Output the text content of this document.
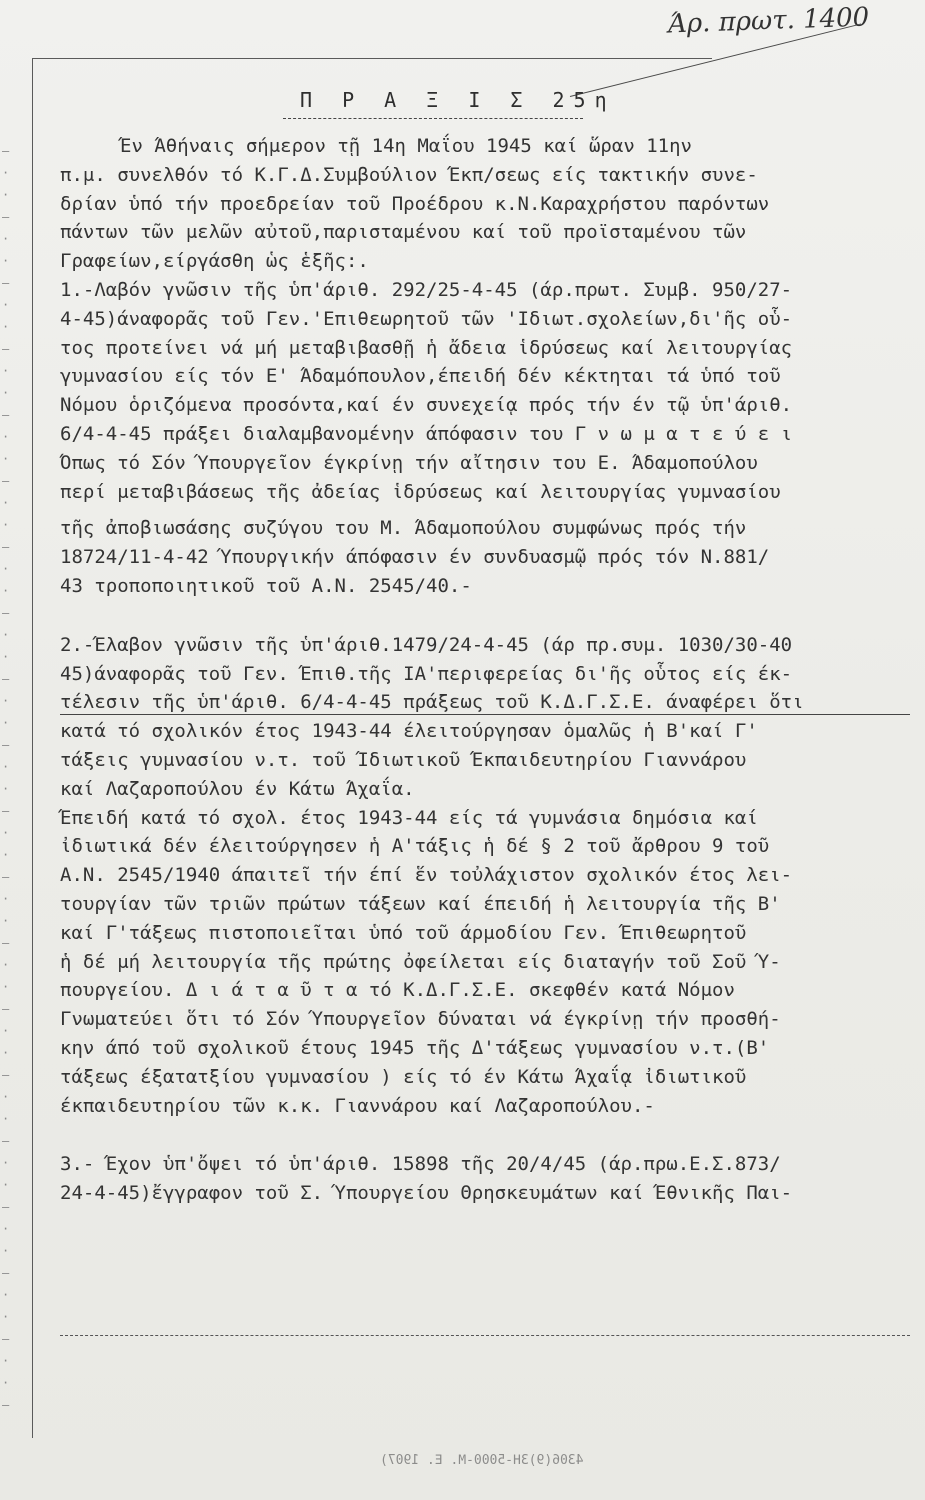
—
·
·
—
·
·
—
·
·
—
·
·
—
·
·
—
·
·
—
·
·
—
·
·
—
·
·
—
·
·
—
·
·
—
·
·
—
·
·
—
·
·
—
·
·
—
·
·
—
·
·
—
·
·
—
·
·
—

Άρ. πρωτ. 1400
Π Ρ Α Ξ Ι Σ 25η
Έν Άθήναις σήμερον τῇ 14η Μαΐου 1945 καί ὥραν 11ην
π.μ. συνελθόν τό Κ.Γ.Δ.Συμβούλιον Έκπ/σεως είς τακτικήν συνε-
δρίαν ὑπό τήν προεδρείαν τοῦ Προέδρου κ.Ν.Καραχρήστου παρόντων
πάντων τῶν μελῶν αὐτοῦ,παρισταμένου καί τοῦ προϊσταμένου τῶν
Γραφείων,είργάσθη ὡς ἑξῆς:.
1.-Λαβόν γνῶσιν τῆς ὑπ'άριθ. 292/25-4-45 (άρ.πρωτ. Συμβ. 950/27-
4-45)άναφορᾶς τοῦ Γεν.'Επιθεωρητοῦ τῶν 'Ιδιωτ.σχολείων,δι'ῆς οὗ-
τος προτείνει νά μή μεταβιβασθῇ ἡ ἄδεια ἱδρύσεως καί λειτουργίας
γυμνασίου είς τόν Ε' Άδαμόπουλον,έπειδή δέν κέκτηται τά ὑπό τοῦ
Νόμου ὁριζόμενα προσόντα,καί έν συνεχείᾳ πρός τήν έν τῷ ὑπ'άριθ.
6/4-4-45 πράξει διαλαμβανομένην άπόφασιν του Γ ν ω μ α τ ε ύ ε ι
Όπως τό Σόν Ύπουργεῖον έγκρίνῃ τήν αἴτησιν του Ε. Άδαμοπούλου
περί μεταβιβάσεως τῆς ἀδείας ἱδρύσεως καί λειτουργίας γυμνασίου
τῆς ἀποβιωσάσης συζύγου του Μ. Άδαμοπούλου συμφώνως πρός τήν
18724/11-4-42 Ύπουργικήν άπόφασιν έν συνδυασμῷ πρός τόν Ν.881/
43 τροποποιητικοῦ τοῦ Α.Ν. 2545/40.-
2.-Έλαβον γνῶσιν τῆς ὑπ'άριθ.1479/24-4-45 (άρ πρ.συμ. 1030/30-40
45)άναφορᾶς τοῦ Γεν. Έπιθ.τῆς ΙΑ'περιφερείας δι'ῆς οὗτος είς έκ-
τέλεσιν τῆς ὑπ'άριθ. 6/4-4-45 πράξεως τοῦ Κ.Δ.Γ.Σ.Ε. άναφέρει ὅτι
κατά τό σχολικόν έτος 1943-44 έλειτούργησαν ὁμαλῶς ἡ Β'καί Γ'
τάξεις γυμνασίου ν.τ. τοῦ Ίδιωτικοῦ Έκπαιδευτηρίου Γιαννάρου
καί Λαζαροπούλου έν Κάτω Άχαΐα.
Έπειδή κατά τό σχολ. έτος 1943-44 είς τά γυμνάσια δημόσια καί
ἰδιωτικά δέν έλειτούργησεν ἡ Α'τάξις ἡ δέ § 2 τοῦ ἄρθρου 9 τοῦ
Α.Ν. 2545/1940 άπαιτεῖ τήν έπί ἕν τοὐλάχιστον σχολικόν έτος λει-
τουργίαν τῶν τριῶν πρώτων τάξεων καί έπειδή ἡ λειτουργία τῆς Β'
καί Γ'τάξεως πιστοποιεῖται ὑπό τοῦ άρμοδίου Γεν. Έπιθεωρητοῦ
ἡ δέ μή λειτουργία τῆς πρώτης ὀφείλεται είς διαταγήν τοῦ Σοῦ Ύ-
πουργείου. Δ ι ά τ α ῦ τ α τό Κ.Δ.Γ.Σ.Ε. σκεφθέν κατά Νόμον
Γνωματεύει ὅτι τό Σόν Ύπουργεῖον δύναται νά έγκρίνῃ τήν προσθή-
κην άπό τοῦ σχολικοῦ έτους 1945 τῆς Δ'τάξεως γυμνασίου ν.τ.(Β'
τάξεως έξατατξίου γυμνασίου ) είς τό έν Κάτω Άχαΐᾳ ἰδιωτικοῦ
έκπαιδευτηρίου τῶν κ.κ. Γιαννάρου καί Λαζαροπούλου.-
3.- Έχον ὑπ'ὄψει τό ὑπ'άριθ. 15898 τῆς 20/4/45 (άρ.πρω.Ε.Σ.873/
24-4-45)ἔγγραφον τοῦ Σ. Ύπουργείου Θρησκευμάτων καί Έθνικῆς Παι-
4306(9)3Η-5000-Μ. Ε. 1907)
